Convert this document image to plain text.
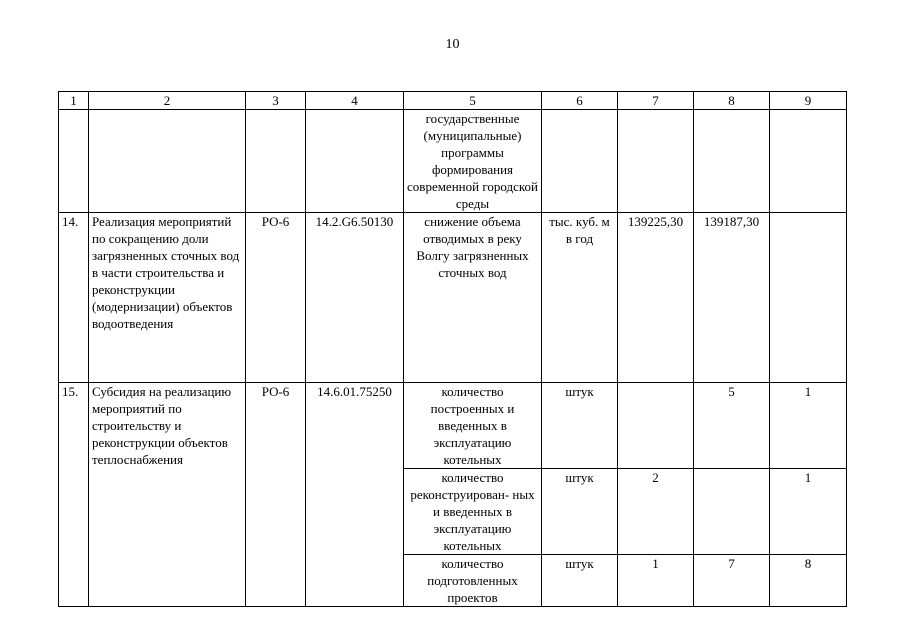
10
1	2	3	4	5	6	7	8	9
				государственные (муниципальные) программы формирования современной городской среды				
14.	Реализация мероприятий по сокращению доли загрязненных сточных вод в части строительства и реконструкции (модернизации) объектов водоотведения	РО-6	14.2.G6.50130	снижение объема отводимых в реку Волгу загрязненных сточных вод	тыс. куб. м в год	139225,30	139187,30	
15.	Субсидия на реализацию мероприятий по строительству и реконструкции объектов теплоснабжения	РО-6	14.6.01.75250	количество построенных и введенных в эксплуатацию котельных	штук		5	1
				количество реконструирован- ных и введенных в эксплуатацию котельных	штук	2		1
				количество подготовленных проектов	штук	1	7	8
